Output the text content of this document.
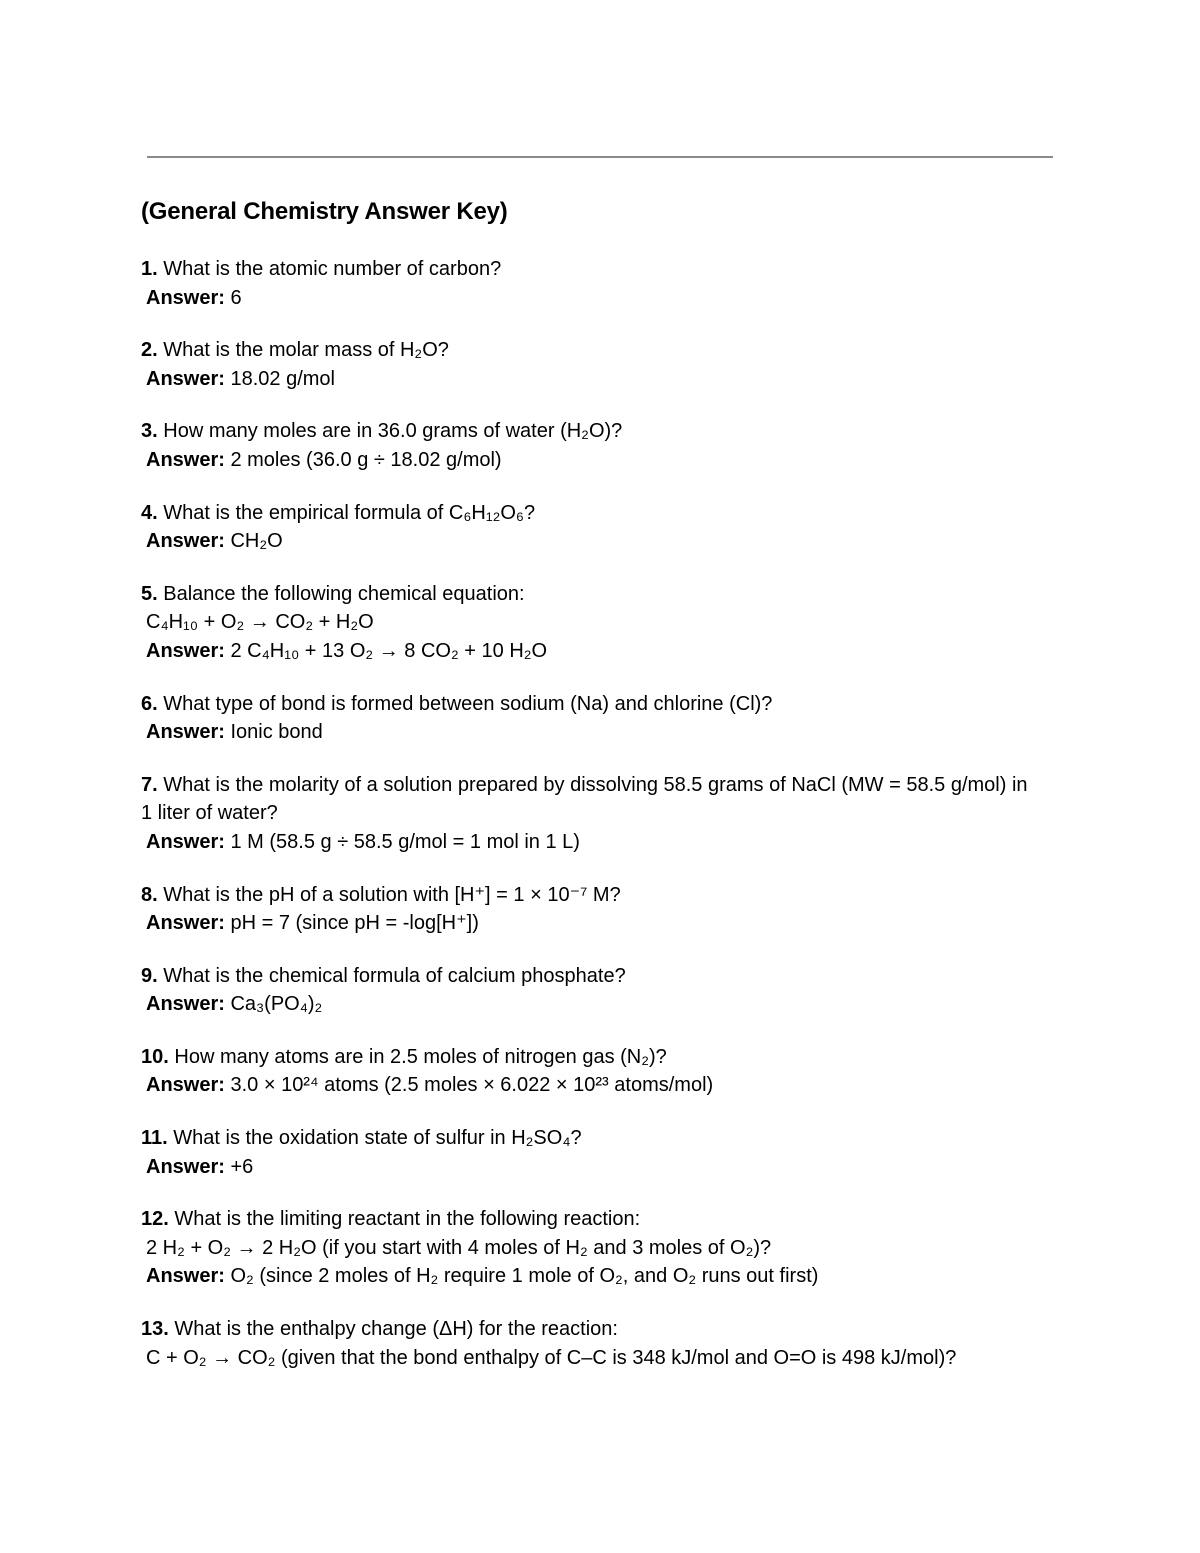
(General Chemistry Answer Key)
1. What is the atomic number of carbon?
Answer: 6
2. What is the molar mass of H₂O?
Answer: 18.02 g/mol
3. How many moles are in 36.0 grams of water (H₂O)?
Answer: 2 moles (36.0 g ÷ 18.02 g/mol)
4. What is the empirical formula of C₆H₁₂O₆?
Answer: CH₂O
5. Balance the following chemical equation:
C₄H₁₀ + O₂ → CO₂ + H₂O
Answer: 2 C₄H₁₀ + 13 O₂ → 8 CO₂ + 10 H₂O
6. What type of bond is formed between sodium (Na) and chlorine (Cl)?
Answer: Ionic bond
7. What is the molarity of a solution prepared by dissolving 58.5 grams of NaCl (MW = 58.5 g/mol) in 1 liter of water?
Answer: 1 M (58.5 g ÷ 58.5 g/mol = 1 mol in 1 L)
8. What is the pH of a solution with [H⁺] = 1 × 10⁻⁷ M?
Answer: pH = 7 (since pH = -log[H⁺])
9. What is the chemical formula of calcium phosphate?
Answer: Ca₃(PO₄)₂
10. How many atoms are in 2.5 moles of nitrogen gas (N₂)?
Answer: 3.0 × 10²⁴ atoms (2.5 moles × 6.022 × 10²³ atoms/mol)
11. What is the oxidation state of sulfur in H₂SO₄?
Answer: +6
12. What is the limiting reactant in the following reaction:
2 H₂ + O₂ → 2 H₂O (if you start with 4 moles of H₂ and 3 moles of O₂)?
Answer: O₂ (since 2 moles of H₂ require 1 mole of O₂, and O₂ runs out first)
13. What is the enthalpy change (ΔH) for the reaction:
C + O₂ → CO₂ (given that the bond enthalpy of C–C is 348 kJ/mol and O=O is 498 kJ/mol)?
